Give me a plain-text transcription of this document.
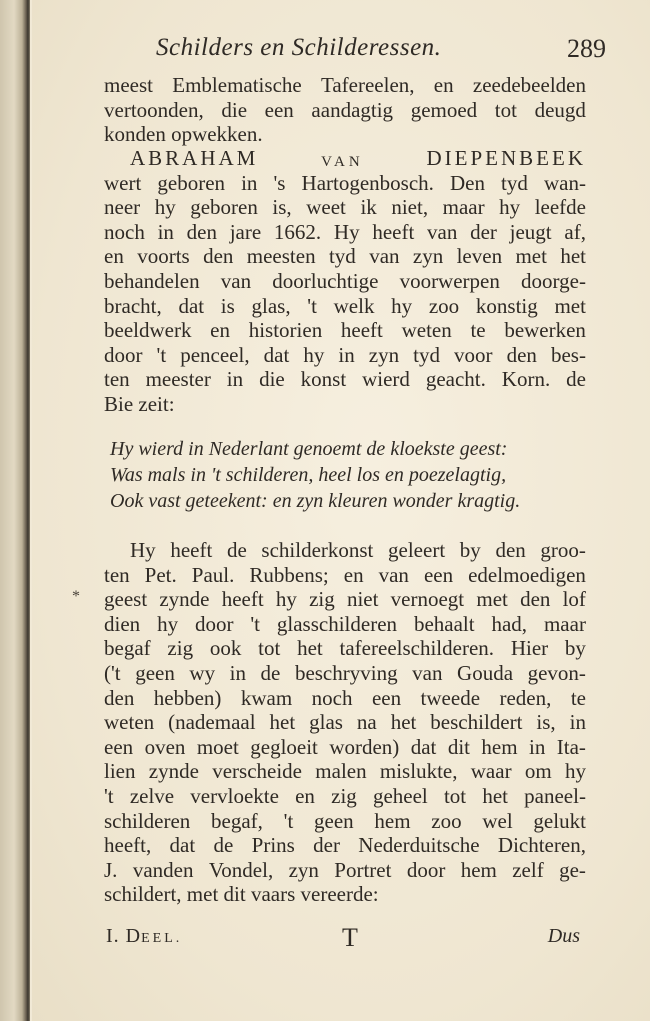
Schilders en Schilderessen.	289
meest Emblematische Tafereelen, en zeedebeelden
vertoonden, die een aandagtig gemoed tot deugd
konden opwekken.
ABRAHAM	VAN	DIEPENBEEK
wert geboren in 's Hartogenbosch. Den tyd wan-
neer hy geboren is, weet ik niet, maar hy leefde
noch in den jare 1662. Hy heeft van der jeugt af,
en voorts den meesten tyd van zyn leven met het
behandelen van doorluchtige voorwerpen doorge-
bracht, dat is glas, 't welk hy zoo konstig met
beeldwerk en historien heeft weten te bewerken
door 't penceel, dat hy in zyn tyd voor den bes-
ten meester in die konst wierd geacht. Korn. de
Bie zeit:
Hy wierd in Nederlant genoemt de kloekste geest:
Was mals in 't schilderen, heel los en poezelagtig,
Ook vast geteekent: en zyn kleuren wonder kragtig.
Hy heeft de schilderkonst geleert by den groo-
ten Pet. Paul. Rubbens; en van een edelmoedigen
geest zynde heeft hy zig niet vernoegt met den lof
dien hy door 't glasschilderen behaalt had, maar
begaf zig ook tot het tafereelschilderen. Hier by
('t geen wy in de beschryving van Gouda gevon-
den hebben) kwam noch een tweede reden, te
weten (nademaal het glas na het beschildert is, in
een oven moet gegloeit worden) dat dit hem in Ita-
lien zynde verscheide malen mislukte, waar om hy
't zelve vervloekte en zig geheel tot het paneel-
schilderen begaf, 't geen hem zoo wel gelukt
heeft, dat de Prins der Nederduitsche Dichteren,
J. vanden Vondel, zyn Portret door hem zelf ge-
schildert, met dit vaars vereerde:
*
I. DEEL.	T	Dus
